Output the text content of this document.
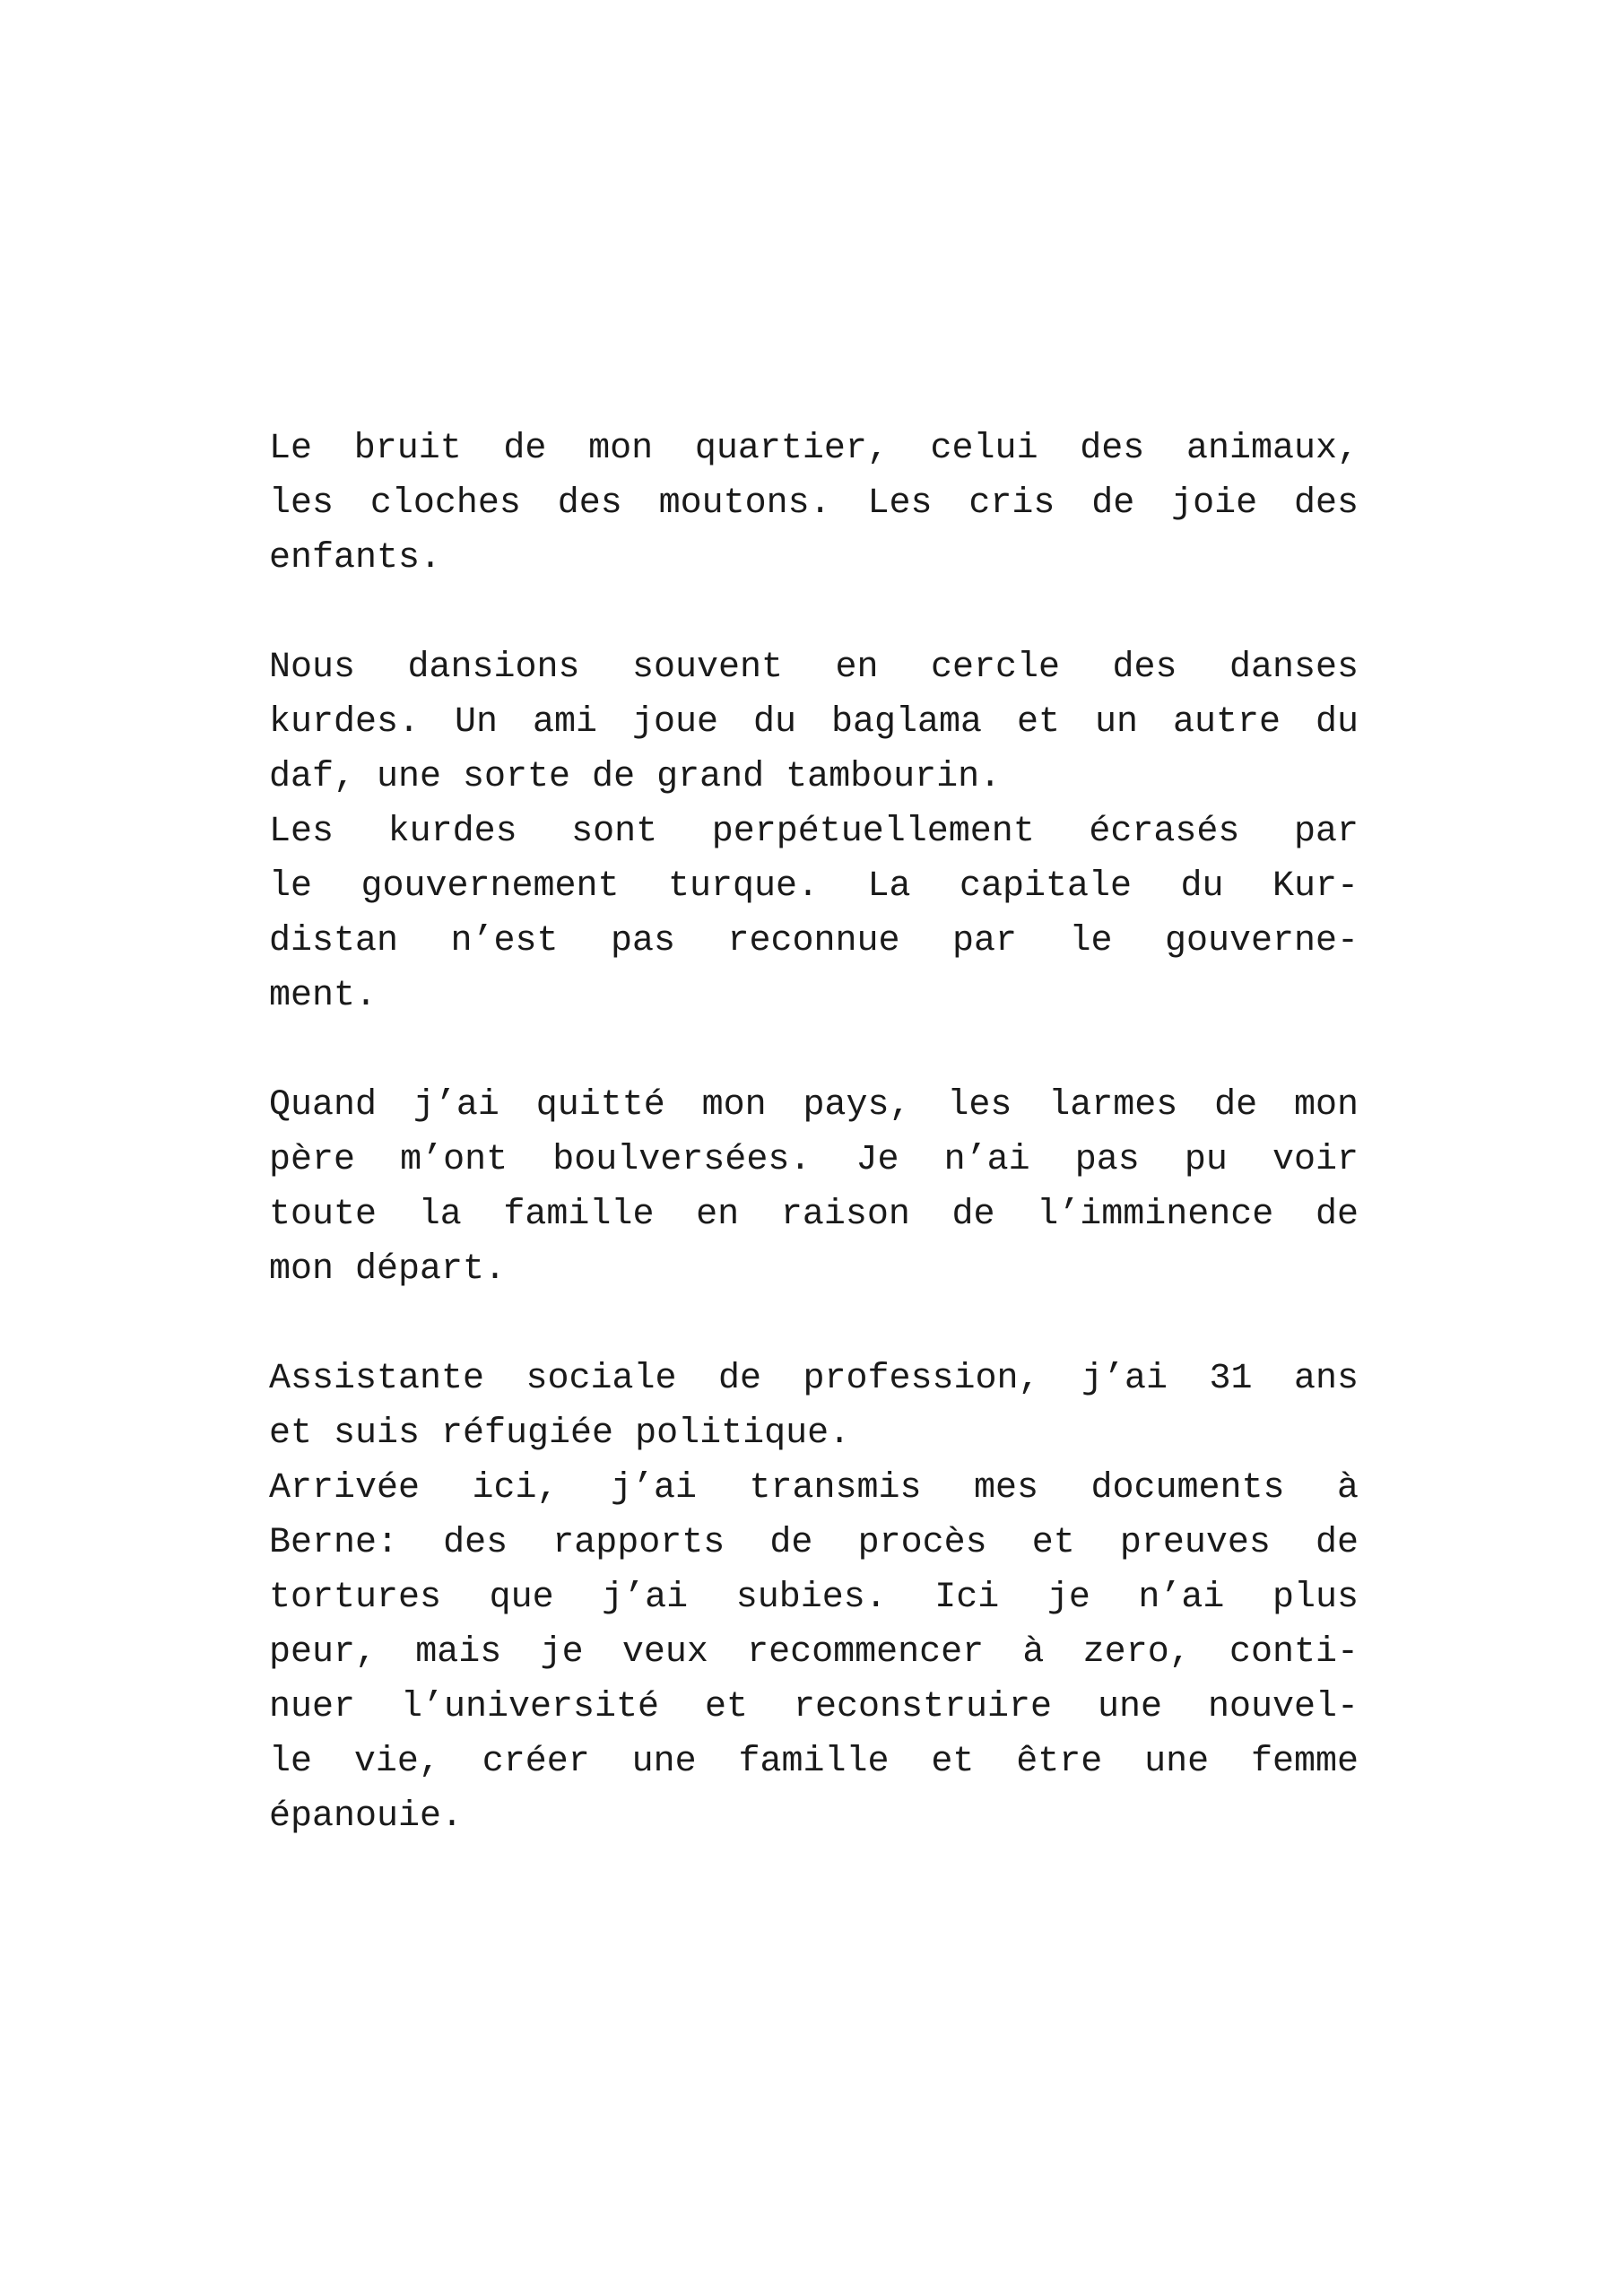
Le bruit de mon quartier, celui des animaux,
les cloches des moutons. Les cris de joie des
enfants.
Nous dansions souvent en cercle des danses
kurdes. Un ami joue du baglama et un autre du
daf, une sorte de grand tambourin.
Les kurdes sont perpétuellement écrasés par
le gouvernement turque. La capitale du Kur-
distan n’est pas reconnue par le gouverne-
ment.
Quand j’ai quitté mon pays, les larmes de mon
père m’ont boulversées. Je n’ai pas pu voir
toute la famille en raison de l’imminence de
mon départ.
Assistante sociale de profession, j’ai 31 ans
et suis réfugiée politique.
Arrivée ici, j’ai transmis mes documents à
Berne: des rapports de procès et preuves de
tortures que j’ai subies. Ici je n’ai plus
peur, mais je veux recommencer à zero, conti-
nuer l’université et reconstruire une nouvel-
le vie, créer une famille et être une femme
épanouie.
